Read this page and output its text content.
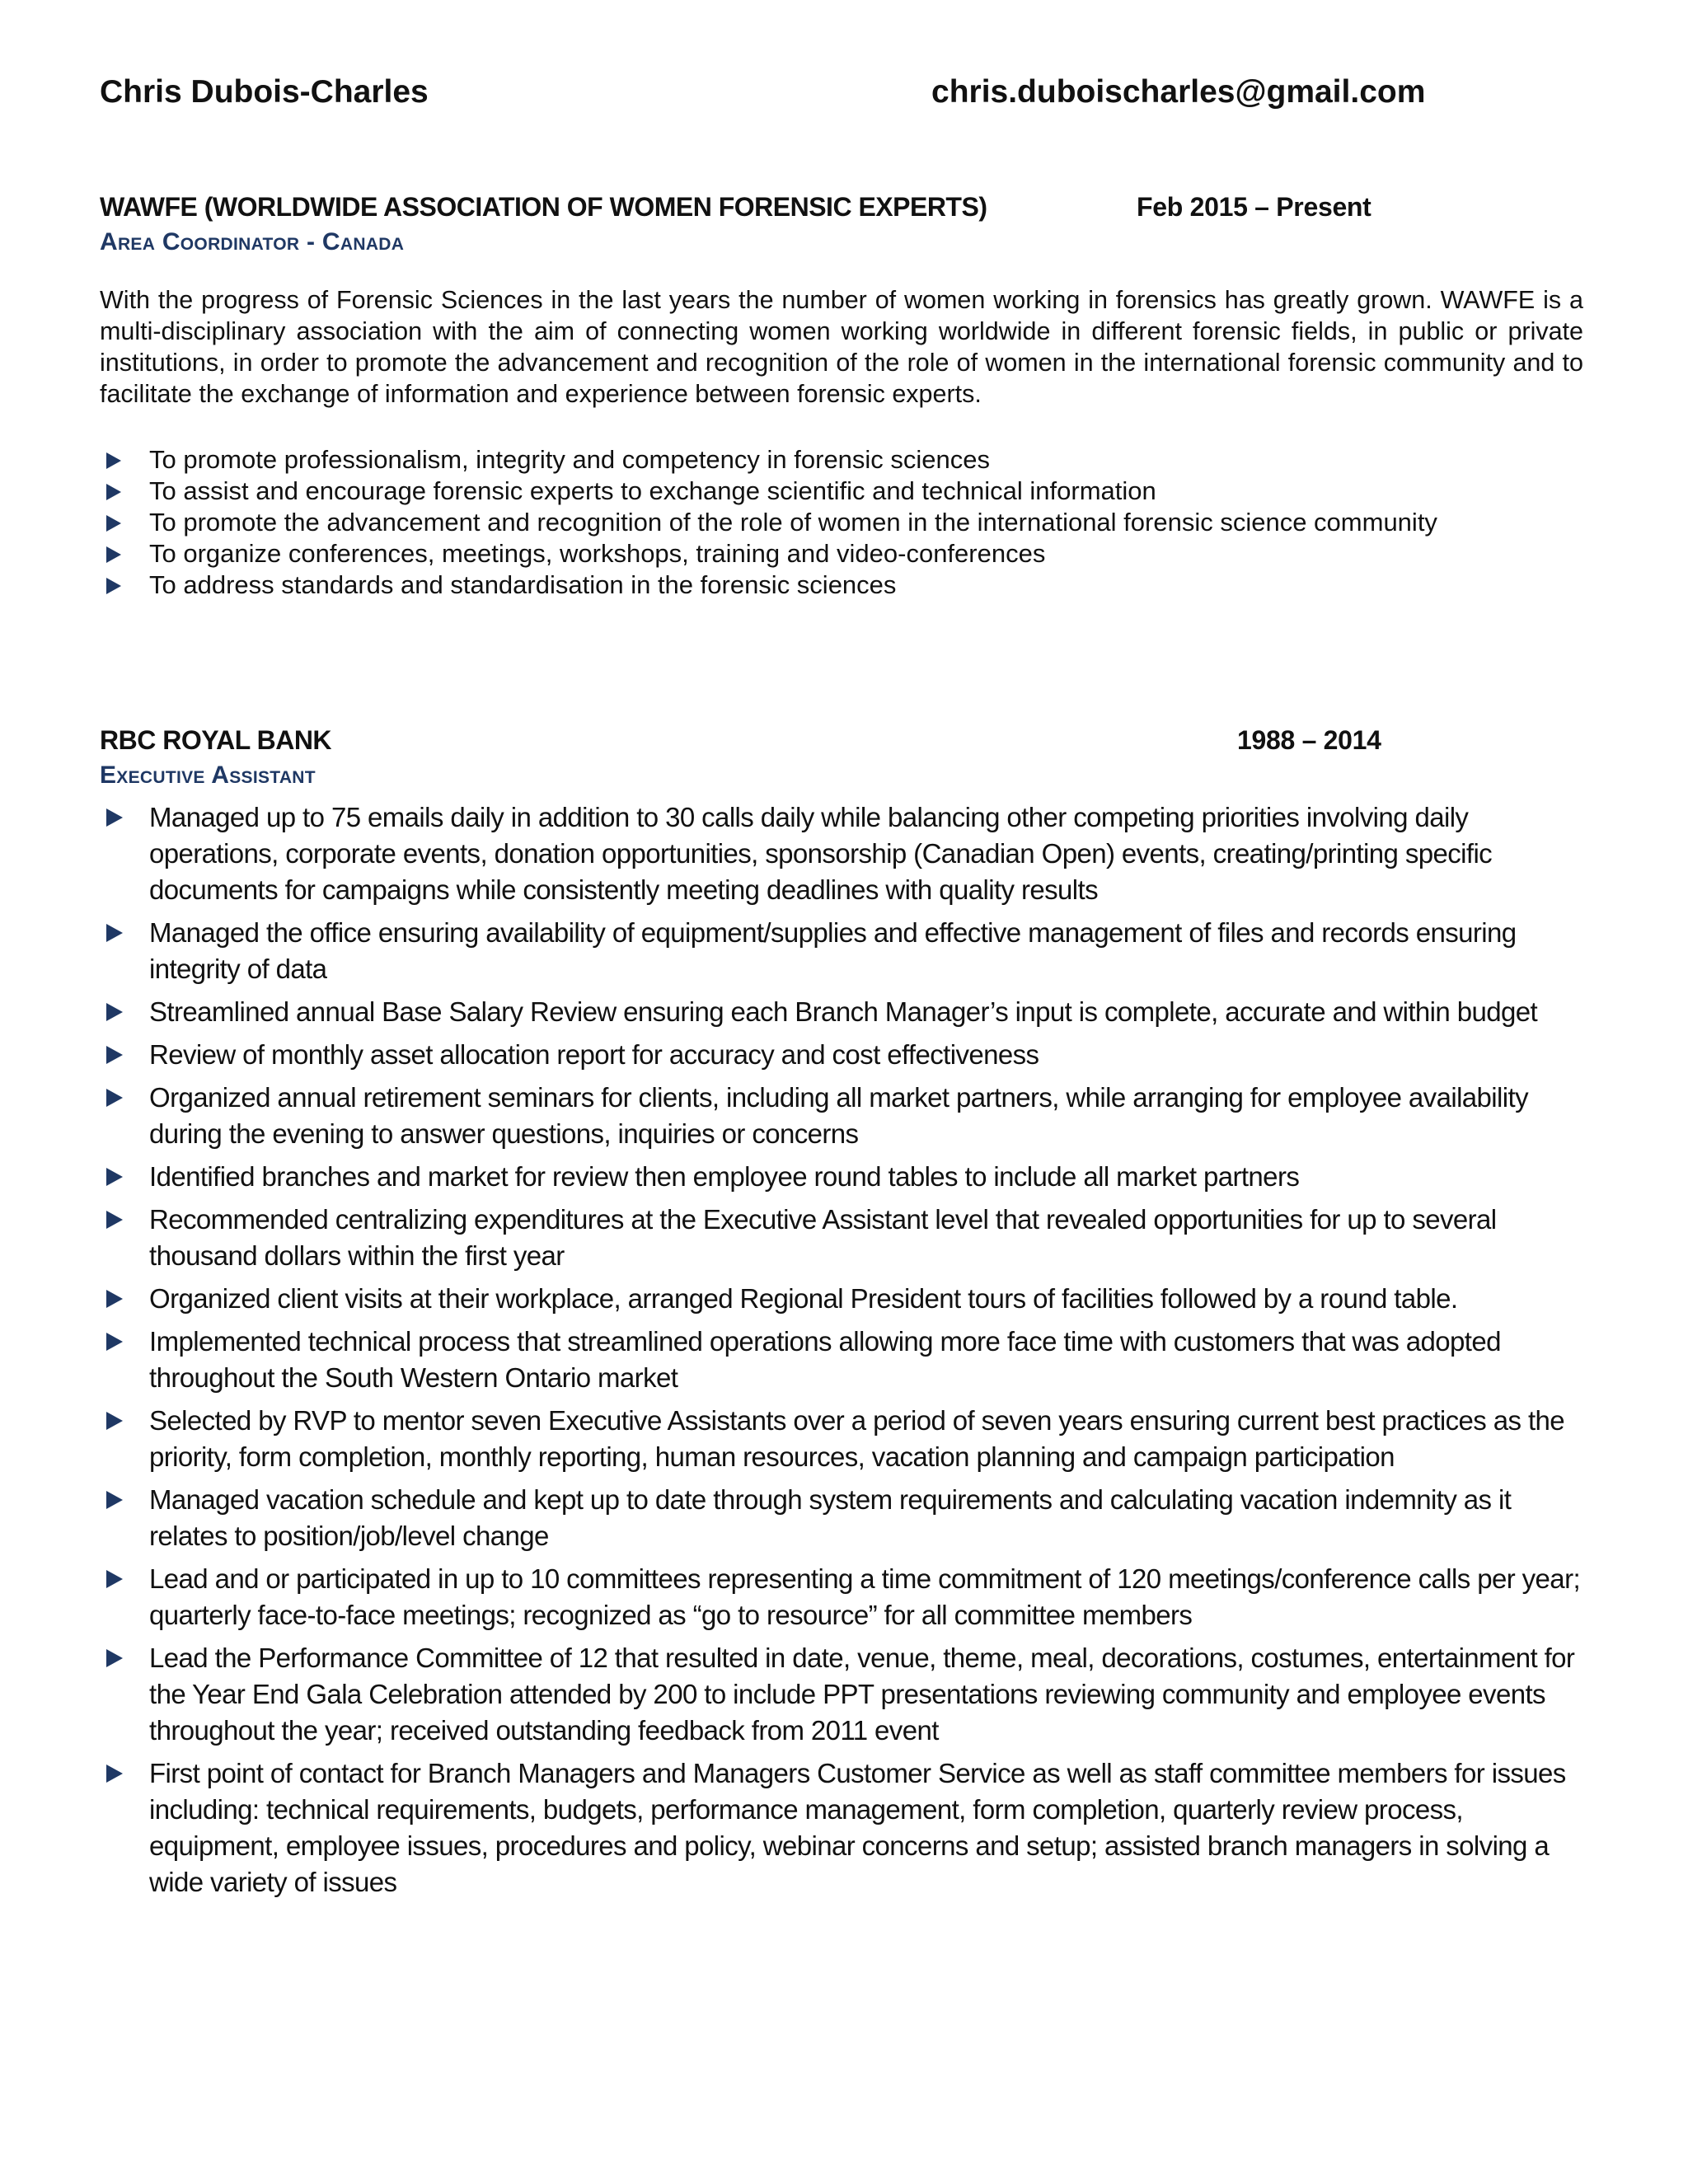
Chris Dubois-Charles	chris.duboischarles@gmail.com
WAWFE (WORLDWIDE ASSOCIATION OF WOMEN FORENSIC EXPERTS)	Feb 2015 – Present
Area Coordinator - Canada

With the progress of Forensic Sciences in the last years the number of women working in forensics has greatly grown. WAWFE is a multi-disciplinary association with the aim of connecting women working worldwide in different forensic fields, in public or private institutions, in order to promote the advancement and recognition of the role of women in the international forensic community and to facilitate the exchange of information and experience between forensic experts.

To promote professionalism, integrity and competency in forensic sciences
To assist and encourage forensic experts to exchange scientific and technical information
To promote the advancement and recognition of the role of women in the international forensic science community
To organize conferences, meetings, workshops, training and video-conferences
To address standards and standardisation in the forensic sciences
RBC ROYAL BANK	1988 – 2014
Executive Assistant
Managed up to 75 emails daily in addition to 30 calls daily while balancing other competing priorities involving daily operations, corporate events, donation opportunities, sponsorship (Canadian Open) events, creating/printing specific documents for campaigns while consistently meeting deadlines with quality results
Managed the office ensuring availability of equipment/supplies and effective management of files and records ensuring integrity of data
Streamlined annual Base Salary Review ensuring each Branch Manager’s input is complete, accurate and within budget
Review of monthly asset allocation report for accuracy and cost effectiveness
Organized annual retirement seminars for clients, including all market partners, while arranging for employee availability during the evening to answer questions, inquiries or concerns
Identified branches and market for review then employee round tables to include all market partners
Recommended centralizing expenditures at the Executive Assistant level that revealed opportunities for up to several thousand dollars within the first year
Organized client visits at their workplace, arranged Regional President tours of facilities followed by a round table.
Implemented technical process that streamlined operations allowing more face time with customers that was adopted throughout the South Western Ontario market
Selected by RVP to mentor seven Executive Assistants over a period of seven years ensuring current best practices as the priority, form completion, monthly reporting, human resources, vacation planning and campaign participation
Managed vacation schedule and kept up to date through system requirements and calculating vacation indemnity as it relates to position/job/level change
Lead and or participated in up to 10 committees representing a time commitment of 120 meetings/conference calls per year; quarterly face-to-face meetings; recognized as “go to resource” for all committee members
Lead the Performance Committee of 12 that resulted in date, venue, theme, meal, decorations, costumes, entertainment for the Year End Gala Celebration attended by 200 to include PPT presentations reviewing community and employee events throughout the year; received outstanding feedback from 2011 event
First point of contact for Branch Managers and Managers Customer Service as well as staff committee members for issues including: technical requirements, budgets, performance management, form completion, quarterly review process, equipment, employee issues, procedures and policy, webinar concerns and setup; assisted branch managers in solving a wide variety of issues
